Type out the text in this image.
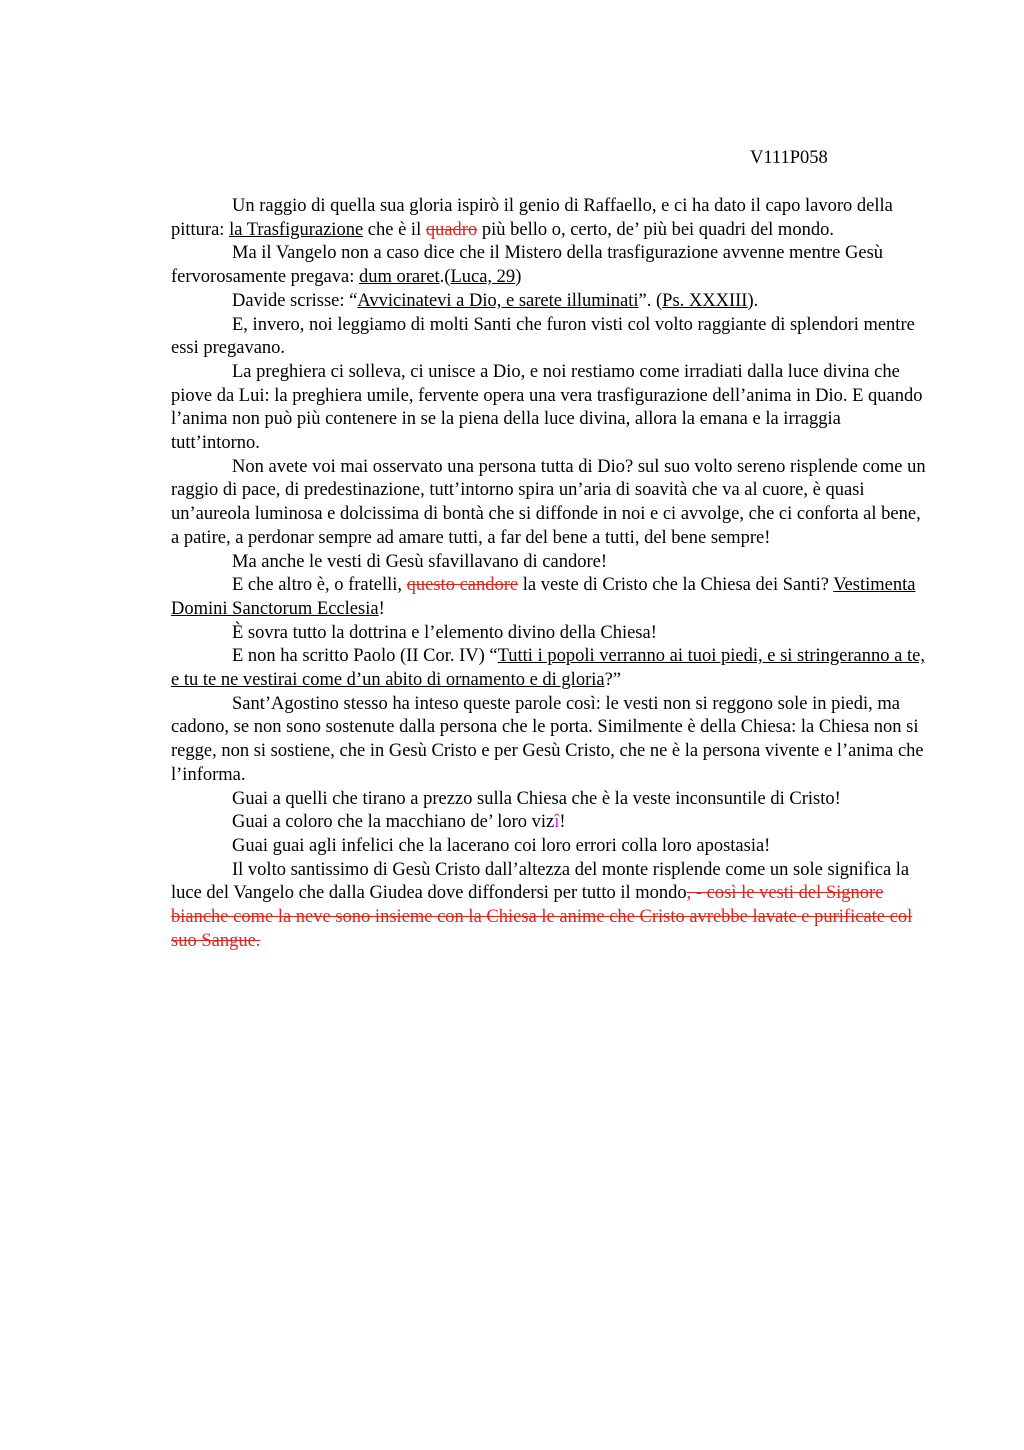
V111P058

Un raggio di quella sua gloria ispirò il genio di Raffaello, e ci ha dato il capo lavoro della pittura: la Trasfigurazione che è il quadro più bello o, certo, de’ più bei quadri del mondo.

Ma il Vangelo non a caso dice che il Mistero della trasfigurazione avvenne mentre Gesù fervorosamente pregava: dum oraret.(Luca, 29)

Davide scrisse: “Avvicinatevi a Dio, e sarete illuminati”. (Ps. XXXIII).

E, invero, noi leggiamo di molti Santi che furon visti col volto raggiante di splendori mentre essi pregavano.

La preghiera ci solleva, ci unisce a Dio, e noi restiamo come irradiati dalla luce divina che piove da Lui: la preghiera umile, fervente opera una vera trasfigurazione dell’anima in Dio. E quando l’anima non può più contenere in se la piena della luce divina, allora la emana e la irraggia tutt’intorno.

Non avete voi mai osservato una persona tutta di Dio? sul suo volto sereno risplende come un raggio di pace, di predestinazione, tutt’intorno spira un’aria di soavità che va al cuore, è quasi un’aureola luminosa e dolcissima di bontà che si diffonde in noi e ci avvolge, che ci conforta al bene, a patire, a perdonar sempre ad amare tutti, a far del bene a tutti, del bene sempre!

Ma anche le vesti di Gesù sfavillavano di candore!

E che altro è, o fratelli, questo candore la veste di Cristo che la Chiesa dei Santi? Vestimenta Domini Sanctorum Ecclesia!

È sovra tutto la dottrina e l’elemento divino della Chiesa!

E non ha scritto Paolo (II Cor. IV) “Tutti i popoli verranno ai tuoi piedi, e si stringeranno a te, e tu te ne vestirai come d’un abito di ornamento e di gloria?”

Sant’Agostino stesso ha inteso queste parole così: le vesti non si reggono sole in piedi, ma cadono, se non sono sostenute dalla persona che le porta. Similmente è della Chiesa: la Chiesa non si regge, non si sostiene, che in Gesù Cristo e per Gesù Cristo, che ne è la persona vivente e l’anima che l’informa.

Guai a quelli che tirano a prezzo sulla Chiesa che è la veste inconsuntile di Cristo!

Guai a coloro che la macchiano de’ loro vizî!

Guai guai agli infelici che la lacerano coi loro errori colla loro apostasia!

Il volto santissimo di Gesù Cristo dall’altezza del monte risplende come un sole significa la luce del Vangelo che dalla Giudea dove diffondersi per tutto il mondo, - così le vesti del Signore bianche come la neve sono insieme con la Chiesa le anime che Cristo avrebbe lavate e purificate col suo Sangue.
